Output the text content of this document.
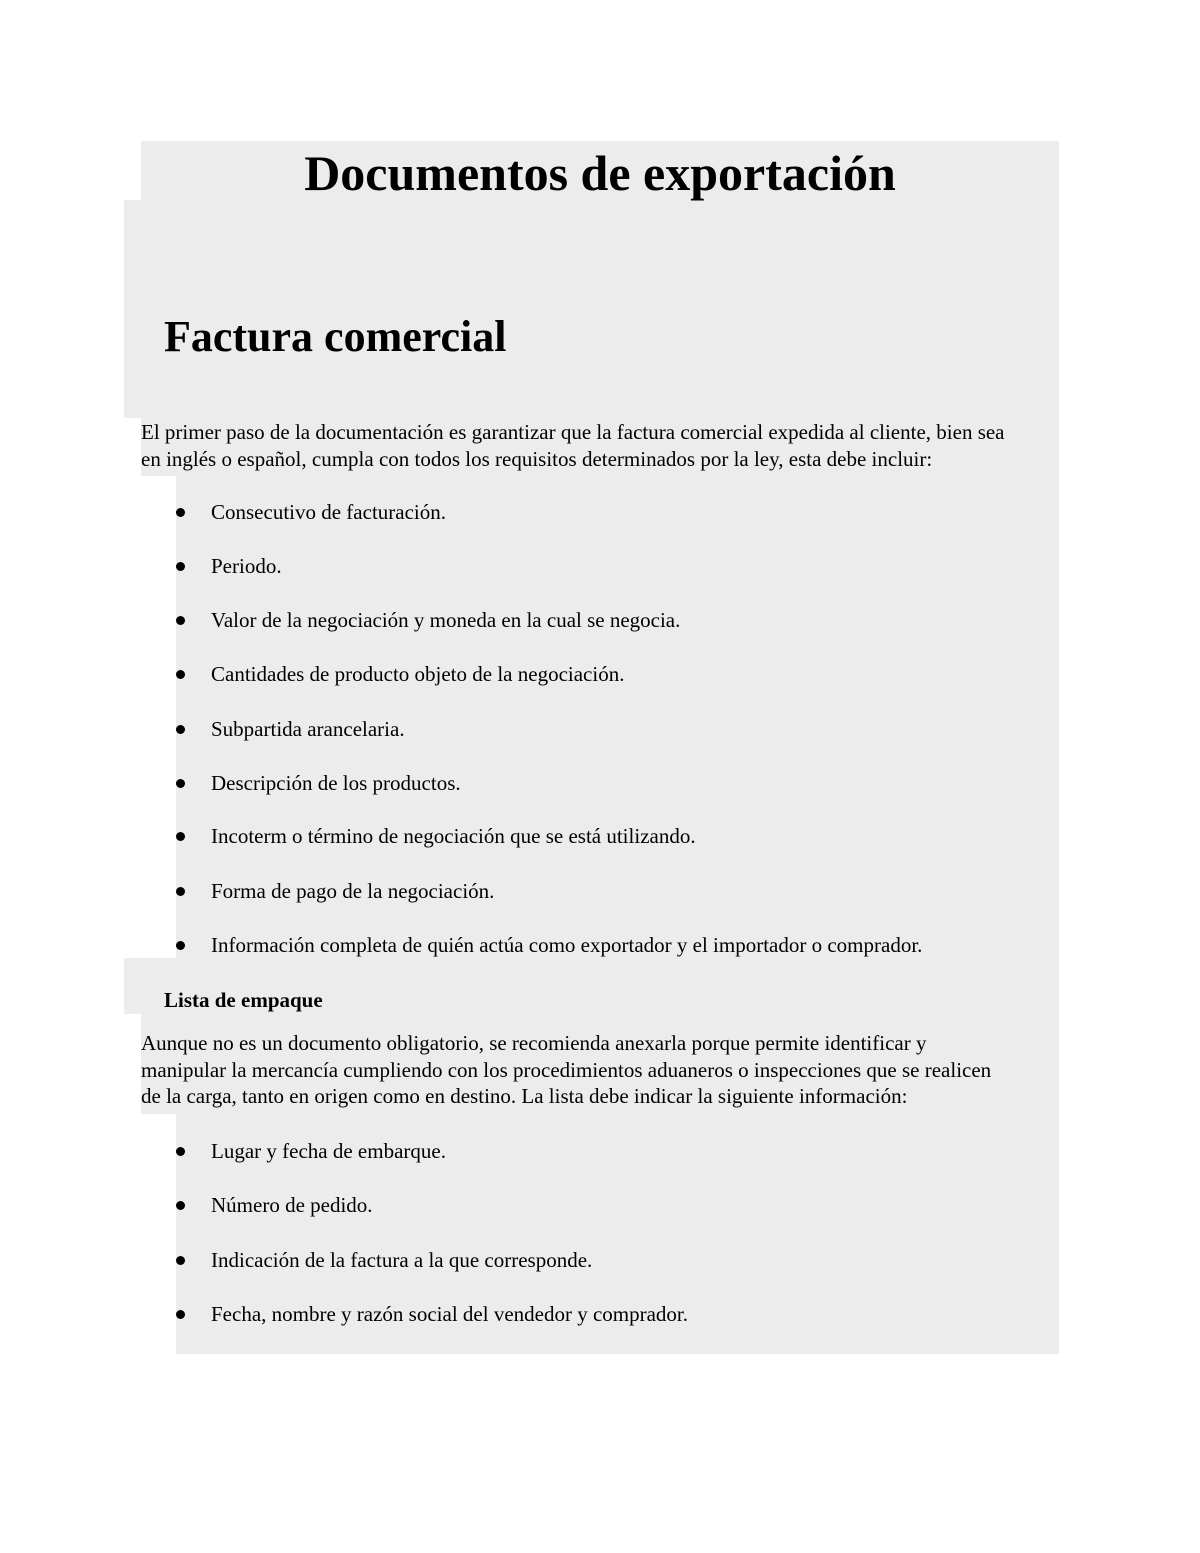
Documentos de exportación
Factura comercial
El primer paso de la documentación es garantizar que la factura comercial expedida al cliente, bien sea
en inglés o español, cumpla con todos los requisitos determinados por la ley, esta debe incluir:
Consecutivo de facturación.
Periodo.
Valor de la negociación y moneda en la cual se negocia.
Cantidades de producto objeto de la negociación.
Subpartida arancelaria.
Descripción de los productos.
Incoterm o término de negociación que se está utilizando.
Forma de pago de la negociación.
Información completa de quién actúa como exportador y el importador o comprador.
Lista de empaque
Aunque no es un documento obligatorio, se recomienda anexarla porque permite identificar y
manipular la mercancía cumpliendo con los procedimientos aduaneros o inspecciones que se realicen
de la carga, tanto en origen como en destino. La lista debe indicar la siguiente información:
Lugar y fecha de embarque.
Número de pedido.
Indicación de la factura a la que corresponde.
Fecha, nombre y razón social del vendedor y comprador.
